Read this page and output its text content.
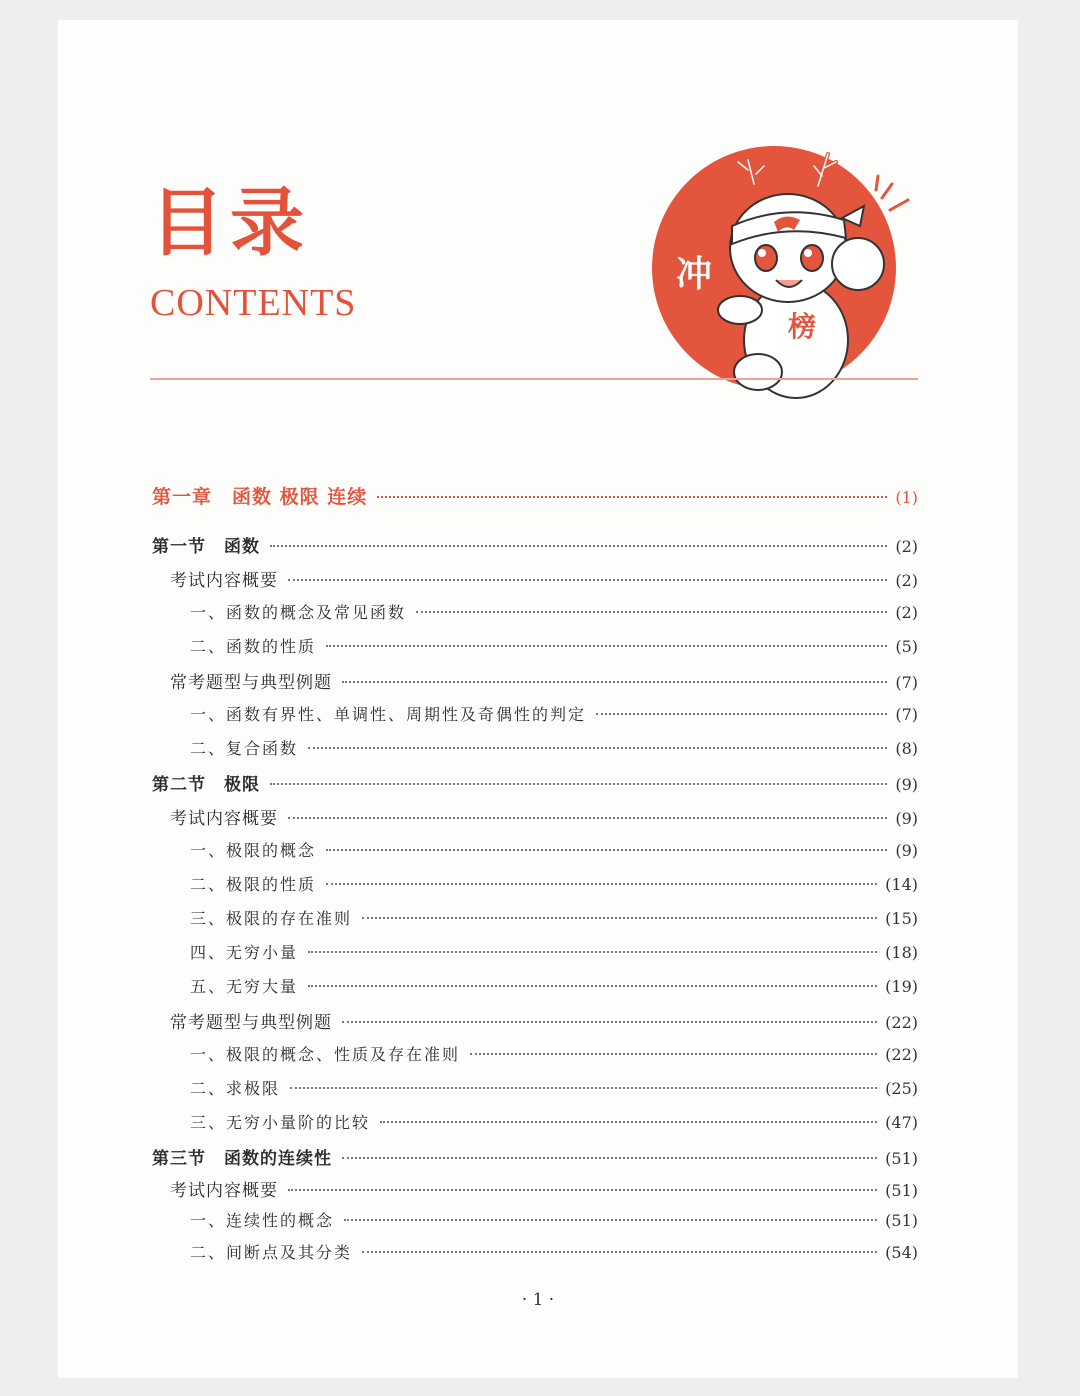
目录
CONTENTS
冲
榜
第一章　函数 极限 连续	(1)
第一节　函数	(2)
考试内容概要	(2)
一、函数的概念及常见函数	(2)
二、函数的性质	(5)
常考题型与典型例题	(7)
一、函数有界性、单调性、周期性及奇偶性的判定	(7)
二、复合函数	(8)
第二节　极限	(9)
考试内容概要	(9)
一、极限的概念	(9)
二、极限的性质	(14)
三、极限的存在准则	(15)
四、无穷小量	(18)
五、无穷大量	(19)
常考题型与典型例题	(22)
一、极限的概念、性质及存在准则	(22)
二、求极限	(25)
三、无穷小量阶的比较	(47)
第三节　函数的连续性	(51)
考试内容概要	(51)
一、连续性的概念	(51)
二、间断点及其分类	(54)
· 1 ·
